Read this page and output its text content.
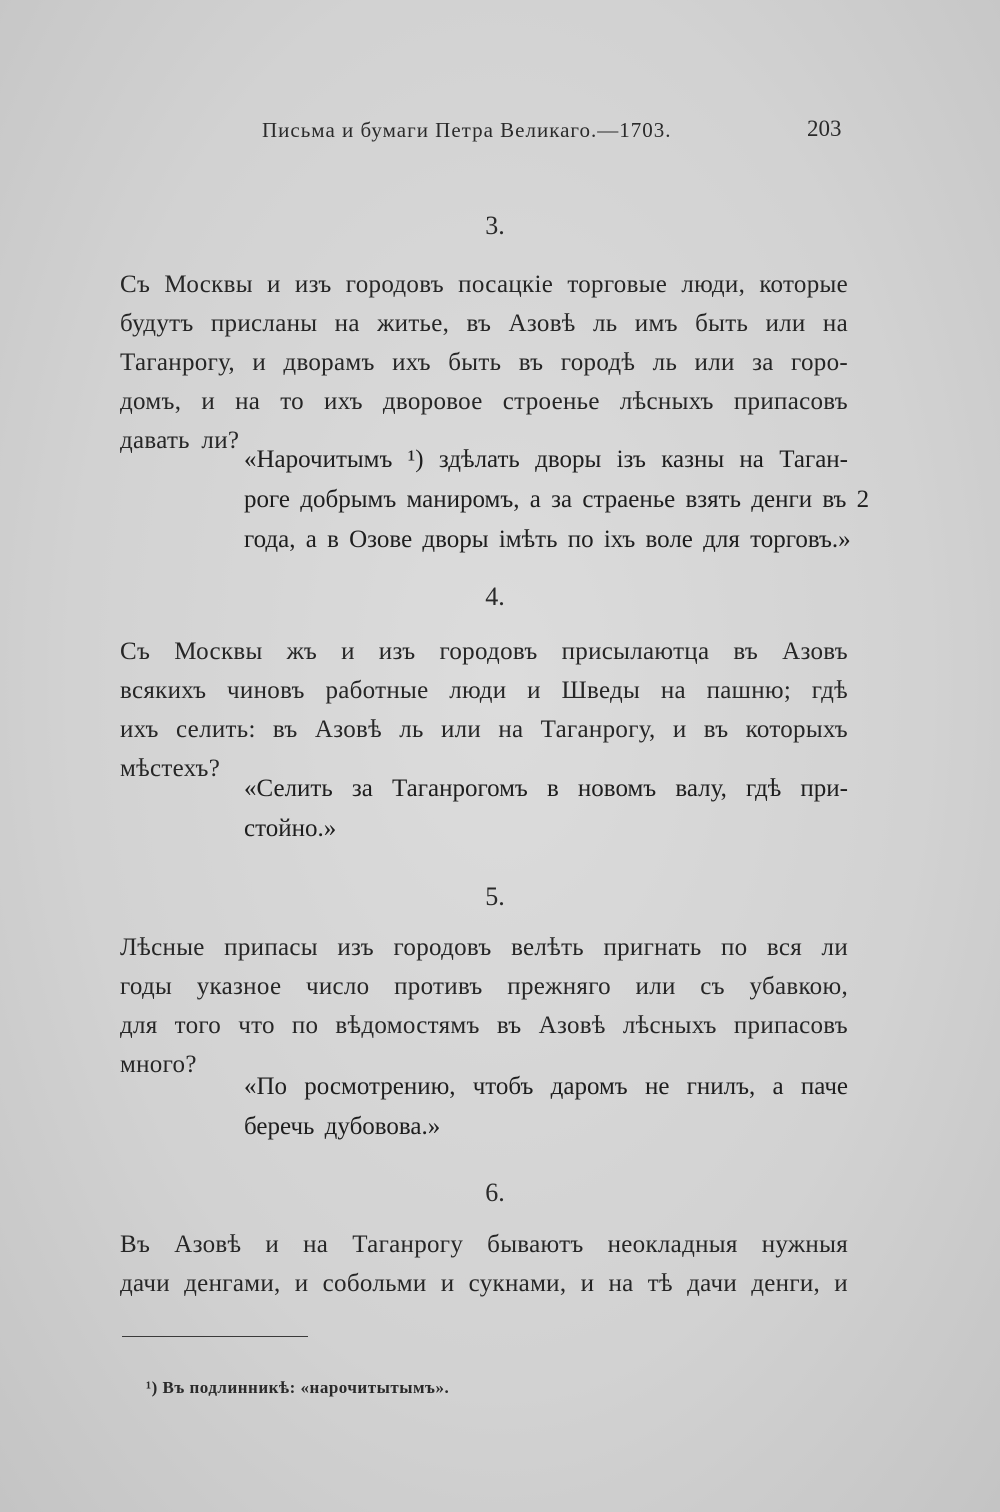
Письма и бумаги Петра Великаго.—1703.	203
3.
Съ Москвы и изъ городовъ посацкіе торговые люди, которые
будутъ присланы на житье, въ Азовѣ ль имъ быть или на
Таганрогу, и дворамъ ихъ быть въ городѣ ль или за горо-
домъ, и на то ихъ дворовое строенье лѣсныхъ припасовъ
давать ли?
«Нарочитымъ ¹) здѣлать дворы ізъ казны на Таган-
роге добрымъ маниромъ, а за страенье взять денги въ 2
года, а в Озове дворы імѣть по іхъ воле для торговъ.»
4.
Съ Москвы жъ и изъ городовъ присылаютца въ Азовъ
всякихъ чиновъ работные люди и Шведы на пашню; гдѣ
ихъ селить: въ Азовѣ ль или на Таганрогу, и въ которыхъ
мѣстехъ?
«Селить за Таганрогомъ в новомъ валу, гдѣ при-
стойно.»
5.
Лѣсные припасы изъ городовъ велѣть пригнать по вся ли
годы указное число противъ прежняго или съ убавкою,
для того что по вѣдомостямъ въ Азовѣ лѣсныхъ припасовъ
много?
«По росмотрению, чтобъ даромъ не гнилъ, а паче
беречь дубовова.»
6.
Въ Азовѣ и на Таганрогу бываютъ неокладныя нужныя
дачи денгами, и собольми и сукнами, и на тѣ дачи денги, и
¹) Въ подлинникѣ: «нарочитытымъ».
